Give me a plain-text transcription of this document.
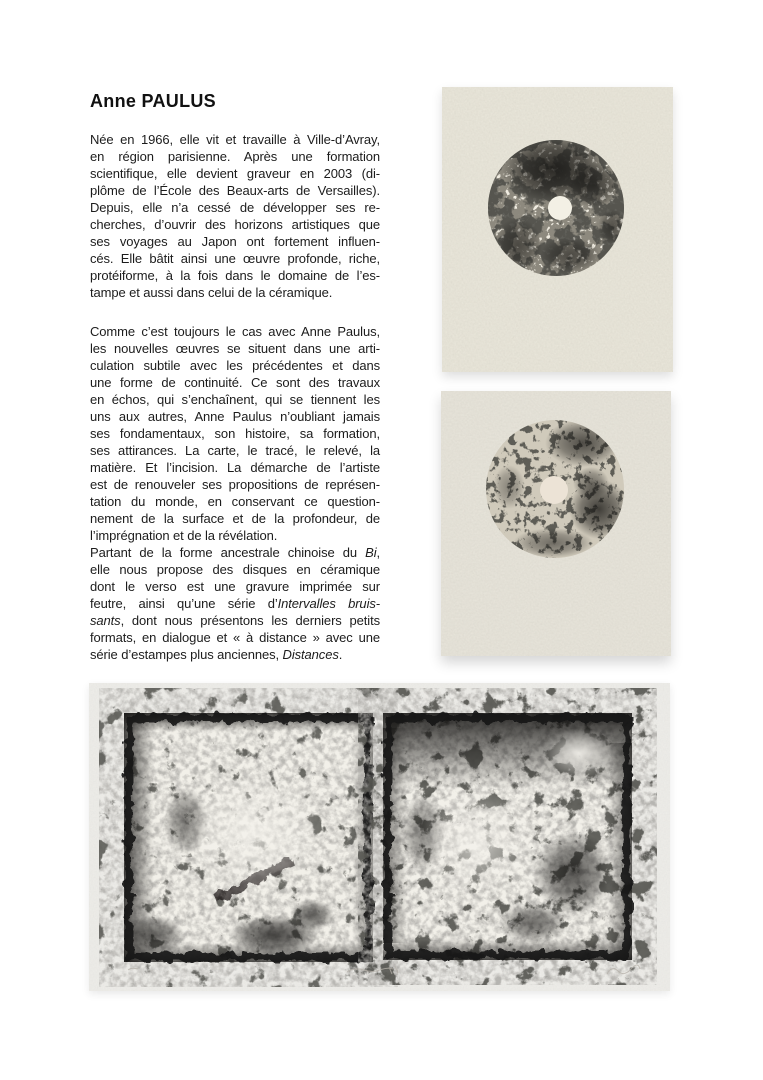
Anne PAULUS
Née en 1966, elle vit et travaille à Ville-d’Avray,
en région parisienne. Après une formation
scientifique, elle devient graveur en 2003 (di-
plôme de l’École des Beaux-arts de Versailles).
Depuis, elle n’a cessé de développer ses re-
cherches, d’ouvrir des horizons artistiques que
ses voyages au Japon ont fortement influen-
cés. Elle bâtit ainsi une œuvre profonde, riche,
protéiforme, à la fois dans le domaine de l’es-
tampe et aussi dans celui de la céramique.
Comme c’est toujours le cas avec Anne Paulus,
les nouvelles œuvres se situent dans une arti-
culation subtile avec les précédentes et dans
une forme de continuité. Ce sont des travaux
en échos, qui s’enchaînent, qui se tiennent les
uns aux autres, Anne Paulus n’oubliant jamais
ses fondamentaux, son histoire, sa formation,
ses attirances. La carte, le tracé, le relevé, la
matière. Et l’incision. La démarche de l’artiste
est de renouveler ses propositions de représen-
tation du monde, en conservant ce question-
nement de la surface et de la profondeur, de
l’imprégnation et de la révélation.
Partant de la forme ancestrale chinoise du Bi,
elle nous propose des disques en céramique
dont le verso est une gravure imprimée sur
feutre, ainsi qu’une série d’Intervalles bruis-
sants, dont nous présentons les derniers petits
formats, en dialogue et « à distance » avec une
série d’estampes plus anciennes, Distances.
